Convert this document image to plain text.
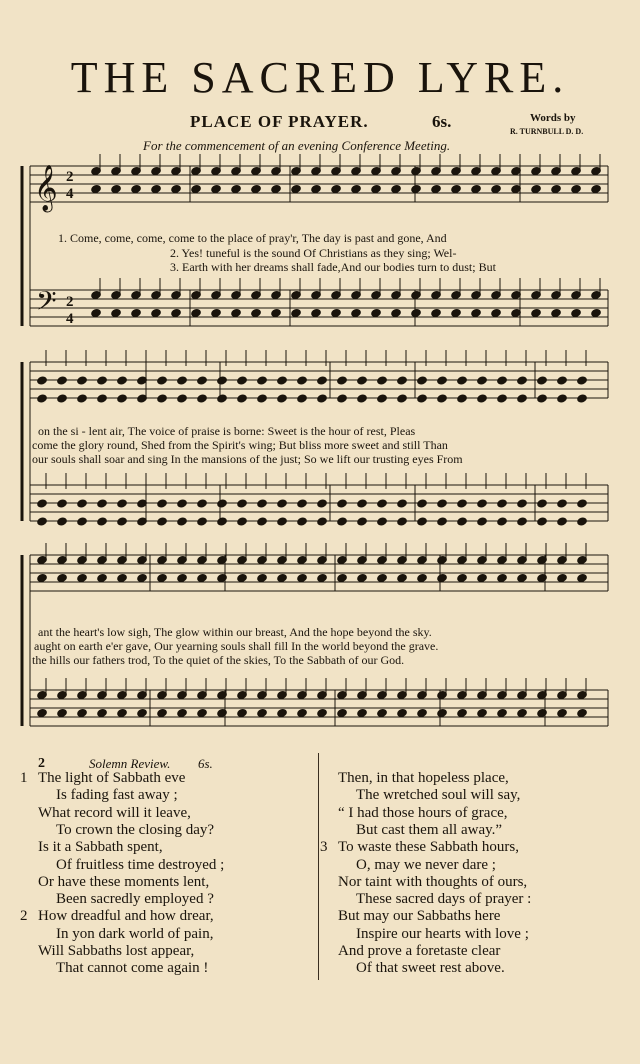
THE SACRED LYRE.
PLACE OF PRAYER.	6s.	Words by
R. TURNBULL D. D.
For the commencement of an evening Conference Meeting.
𝄞 2
4
𝄢 2
4
1. Come, come, come, come to the place of pray'r, The day is past and gone, And
2. Yes! tuneful is the sound Of Christians as they sing; Wel-
3. Earth with her dreams shall fade,And our bodies turn to dust; But
on the si - lent air, The voice of praise is borne: Sweet is the hour of rest, Pleas
come the glory round, Shed from the Spirit's wing; But bliss more sweet and still Than
our souls shall soar and sing In the mansions of the just; So we lift our trusting eyes From
ant the heart's low sigh, The glow within our breast, And the hope beyond the sky.
aught on earth e'er gave, Our yearning souls shall fill In the world beyond the grave.
the hills our fathers trod, To the quiet of the skies, To the Sabbath of our God.
2	Solemn Review. 6s.
1 The light of Sabbath eve
Is fading fast away ;
What record will it leave,
To crown the closing day?
Is it a Sabbath spent,
Of fruitless time destroyed ;
Or have these moments lent,
Been sacredly employed ?
2 How dreadful and how drear,
In yon dark world of pain,
Will Sabbaths lost appear,
That cannot come again !
Then, in that hopeless place,
The wretched soul will say,
“ I had those hours of grace,
But cast them all away.”
3 To waste these Sabbath hours,
O, may we never dare ;
Nor taint with thoughts of ours,
These sacred days of prayer :
But may our Sabbaths here
Inspire our hearts with love ;
And prove a foretaste clear
Of that sweet rest above.
